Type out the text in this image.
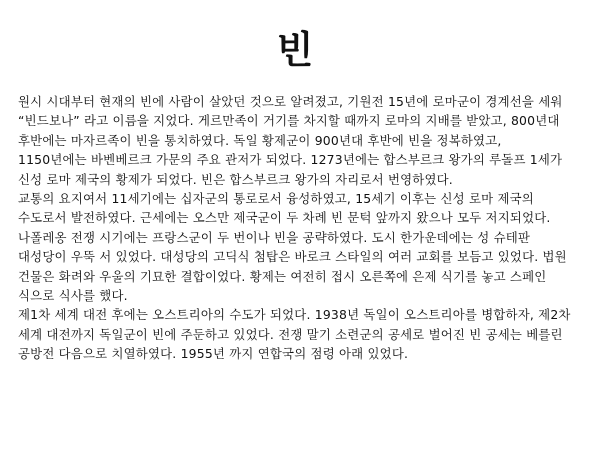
빈

원시 시대부터 현재의 빈에 사람이 살았던 것으로 알려졌고, 기원전 15년에 로마군이 경계선을 세워 “빈드보나” 라고 이름을 지었다. 게르만족이 거기를 차지할 때까지 로마의 지배를 받았고, 800년대 후반에는 마자르족이 빈을 통치하였다. 독일 황제군이 900년대 후반에 빈을 정복하였고, 1150년에는 바벤베르크 가문의 주요 관저가 되었다. 1273년에는 합스부르크 왕가의 루돌프 1세가 신성 로마 제국의 황제가 되었다. 빈은 합스부르크 왕가의 자리로서 번영하였다.

교통의 요지여서 11세기에는 십자군의 통로로서 융성하였고, 15세기 이후는 신성 로마 제국의 수도로서 발전하였다. 근세에는 오스만 제국군이 두 차례 빈 문턱 앞까지 왔으나 모두 저지되었다.

나폴레옹 전쟁 시기에는 프랑스군이 두 번이나 빈을 공략하였다. 도시 한가운데에는 성 슈테판 대성당이 우뚝 서 있었다. 대성당의 고딕식 첨탑은 바로크 스타일의 여러 교회를 보듬고 있었다. 법원 건물은 화려와 우울의 기묘한 결합이었다. 황제는 여전히 접시 오른쪽에 은제 식기를 놓고 스페인 식으로 식사를 했다.

제1차 세계 대전 후에는 오스트리아의 수도가 되었다. 1938년 독일이 오스트리아를 병합하자, 제2차 세계 대전까지 독일군이 빈에 주둔하고 있었다. 전쟁 말기 소련군의 공세로 벌어진 빈 공세는 베를린 공방전 다음으로 치열하였다. 1955년 까지 연합국의 점령 아래 있었다.
